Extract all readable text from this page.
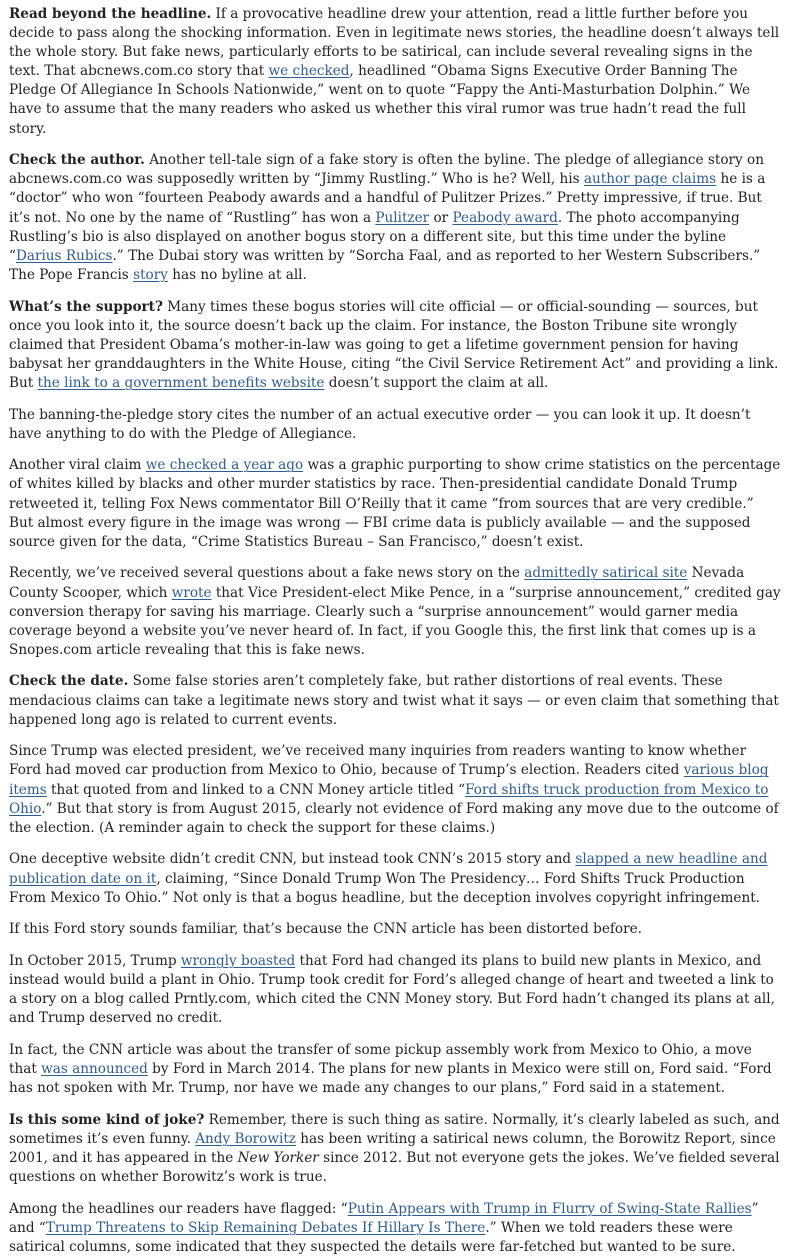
Read beyond the headline. If a provocative headline drew your attention, read a little further before you decide to pass along the shocking information. Even in legitimate news stories, the headline doesn’t always tell the whole story. But fake news, particularly efforts to be satirical, can include several revealing signs in the text. That abcnews.com.co story that we checked, headlined “Obama Signs Executive Order Banning The Pledge Of Allegiance In Schools Nationwide,” went on to quote “Fappy the Anti-Masturbation Dolphin.” We have to assume that the many readers who asked us whether this viral rumor was true hadn’t read the full story.

Check the author. Another tell-tale sign of a fake story is often the byline. The pledge of allegiance story on abcnews.com.co was supposedly written by “Jimmy Rustling.” Who is he? Well, his author page claims he is a “doctor” who won “fourteen Peabody awards and a handful of Pulitzer Prizes.” Pretty impressive, if true. But it’s not. No one by the name of “Rustling” has won a Pulitzer or Peabody award. The photo accompanying Rustling’s bio is also displayed on another bogus story on a different site, but this time under the byline “Darius Rubics.” The Dubai story was written by “Sorcha Faal, and as reported to her Western Subscribers.” The Pope Francis story has no byline at all.

What’s the support? Many times these bogus stories will cite official — or official-sounding — sources, but once you look into it, the source doesn’t back up the claim. For instance, the Boston Tribune site wrongly claimed that President Obama’s mother-in-law was going to get a lifetime government pension for having babysat her granddaughters in the White House, citing “the Civil Service Retirement Act” and providing a link. But the link to a government benefits website doesn’t support the claim at all.

The banning-the-pledge story cites the number of an actual executive order — you can look it up. It doesn’t have anything to do with the Pledge of Allegiance.

Another viral claim we checked a year ago was a graphic purporting to show crime statistics on the percentage of whites killed by blacks and other murder statistics by race. Then-presidential candidate Donald Trump retweeted it, telling Fox News commentator Bill O’Reilly that it came “from sources that are very credible.” But almost every figure in the image was wrong — FBI crime data is publicly available — and the supposed source given for the data, “Crime Statistics Bureau – San Francisco,” doesn’t exist.

Recently, we’ve received several questions about a fake news story on the admittedly satirical site Nevada County Scooper, which wrote that Vice President-elect Mike Pence, in a “surprise announcement,” credited gay conversion therapy for saving his marriage. Clearly such a “surprise announcement” would garner media coverage beyond a website you’ve never heard of. In fact, if you Google this, the first link that comes up is a Snopes.com article revealing that this is fake news.

Check the date. Some false stories aren’t completely fake, but rather distortions of real events. These mendacious claims can take a legitimate news story and twist what it says — or even claim that something that happened long ago is related to current events.

Since Trump was elected president, we’ve received many inquiries from readers wanting to know whether Ford had moved car production from Mexico to Ohio, because of Trump’s election. Readers cited various blog items that quoted from and linked to a CNN Money article titled “Ford shifts truck production from Mexico to Ohio.” But that story is from August 2015, clearly not evidence of Ford making any move due to the outcome of the election. (A reminder again to check the support for these claims.)

One deceptive website didn’t credit CNN, but instead took CNN’s 2015 story and slapped a new headline and publication date on it, claiming, “Since Donald Trump Won The Presidency… Ford Shifts Truck Production From Mexico To Ohio.” Not only is that a bogus headline, but the deception involves copyright infringement.

If this Ford story sounds familiar, that’s because the CNN article has been distorted before.

In October 2015, Trump wrongly boasted that Ford had changed its plans to build new plants in Mexico, and instead would build a plant in Ohio. Trump took credit for Ford’s alleged change of heart and tweeted a link to a story on a blog called Prntly.com, which cited the CNN Money story. But Ford hadn’t changed its plans at all, and Trump deserved no credit.

In fact, the CNN article was about the transfer of some pickup assembly work from Mexico to Ohio, a move that was announced by Ford in March 2014. The plans for new plants in Mexico were still on, Ford said. “Ford has not spoken with Mr. Trump, nor have we made any changes to our plans,” Ford said in a statement.

Is this some kind of joke? Remember, there is such thing as satire. Normally, it’s clearly labeled as such, and sometimes it’s even funny. Andy Borowitz has been writing a satirical news column, the Borowitz Report, since 2001, and it has appeared in the New Yorker since 2012. But not everyone gets the jokes. We’ve fielded several questions on whether Borowitz’s work is true.

Among the headlines our readers have flagged: “Putin Appears with Trump in Flurry of Swing-State Rallies” and “Trump Threatens to Skip Remaining Debates If Hillary Is There.” When we told readers these were satirical columns, some indicated that they suspected the details were far-fetched but wanted to be sure.
